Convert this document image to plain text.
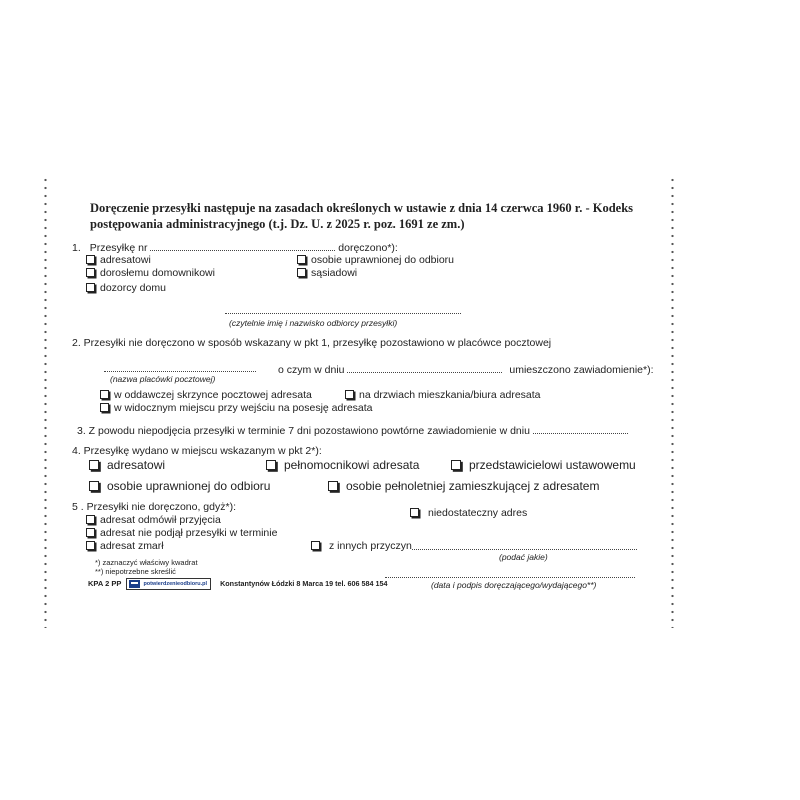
Doręczenie przesyłki następuje na zasadach określonych w ustawie z dnia 14 czerwca 1960 r. - Kodeks
postępowania administracyjnego (t.j. Dz. U. z 2025 r. poz. 1691 ze zm.)
1. Przesyłkę nr	doręczono*):
adresatowi
dorosłemu domownikowi
dozorcy domu
osobie uprawnionej do odbioru
sąsiadowi
(czytelnie imię i nazwisko odbiorcy przesyłki)
2. Przesyłki nie doręczono w sposób wskazany w pkt 1, przesyłkę pozostawiono w placówce pocztowej
o czym w dniu	umieszczono zawiadomienie*):
(nazwa placówki pocztowej)
w oddawczej skrzynce pocztowej adresata	na drzwiach mieszkania/biura adresata
w widocznym miejscu przy wejściu na posesję adresata
3. Z powodu niepodjęcia przesyłki w terminie 7 dni pozostawiono powtórne zawiadomienie w dniu
4. Przesyłkę wydano w miejscu wskazanym w pkt 2*):
adresatowi	pełnomocnikowi adresata	przedstawicielowi ustawowemu
osobie uprawnionej do odbioru	osobie pełnoletniej zamieszkującej z adresatem
5 . Przesyłki nie doręczono, gdyż*):
adresat odmówił przyjęcia
adresat nie podjął przesyłki w terminie
adresat zmarł
niedostateczny adres
z innych przyczyn
(podać jakie)
*) zaznaczyć właściwy kwadrat
**) niepotrzebne skreślić
KPA 2 PP	potwierdzenieodbioru.pl Konstantynów Łódzki 8 Marca 19 tel. 606 584 154	(data i podpis doręczającego/wydającego**)
